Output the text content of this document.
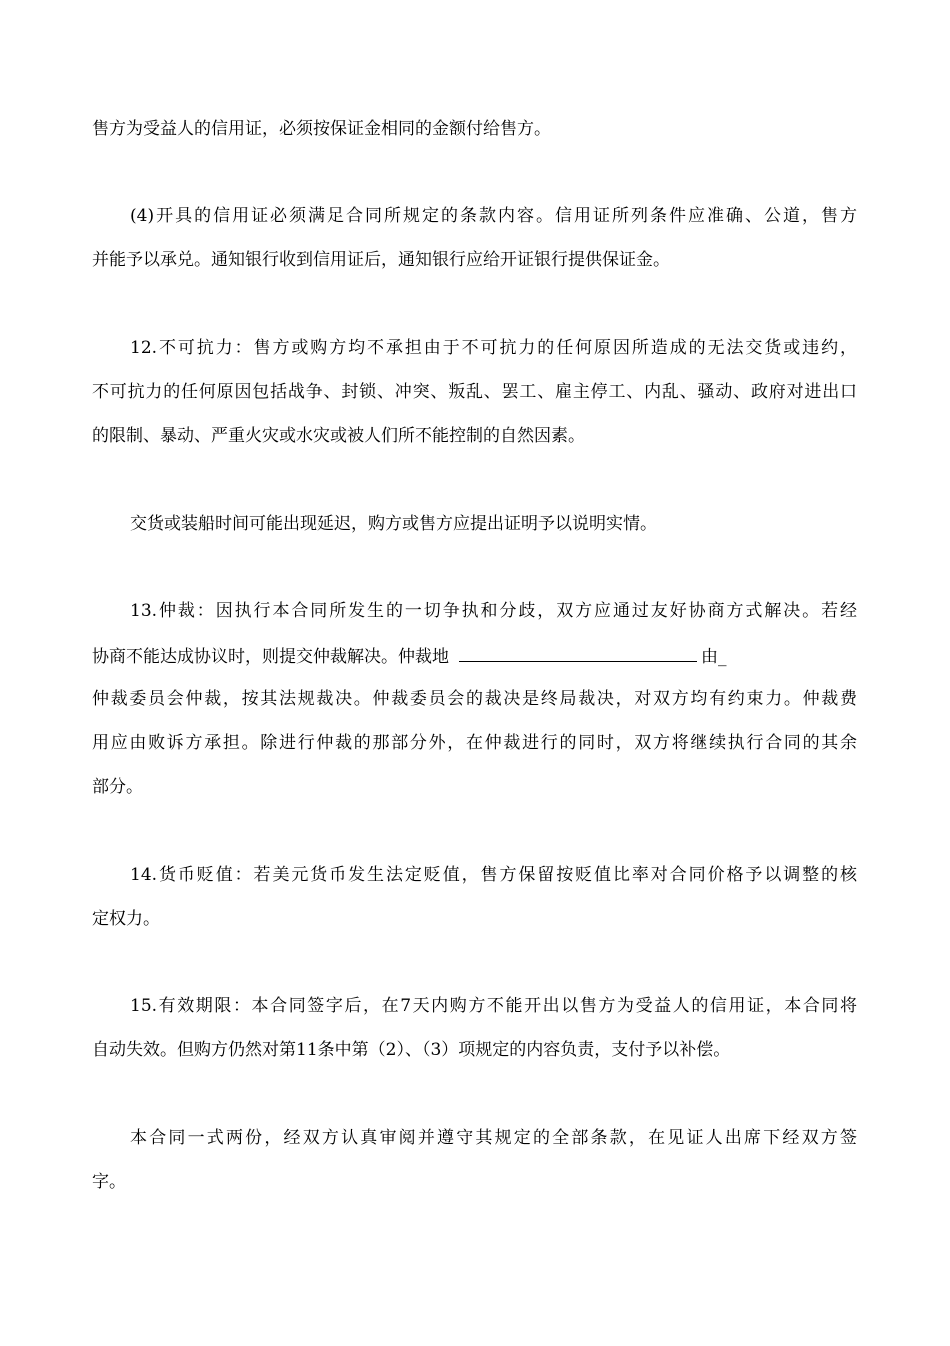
售方为受益人的信用证，必须按保证金相同的金额付给售方。
(4)开具的信用证必须满足合同所规定的条款内容。信用证所列条件应准确、公道，售方
并能予以承兑。通知银行收到信用证后，通知银行应给开证银行提供保证金。
12.不可抗力：售方或购方均不承担由于不可抗力的任何原因所造成的无法交货或违约，
不可抗力的任何原因包括战争、封锁、冲突、叛乱、罢工、雇主停工、内乱、骚动、政府对进出口
的限制、暴动、严重火灾或水灾或被人们所不能控制的自然因素。
交货或装船时间可能出现延迟，购方或售方应提出证明予以说明实情。
13.仲裁：因执行本合同所发生的一切争执和分歧，双方应通过友好协商方式解决。若经
协商不能达成协议时，则提交仲裁解决。仲裁地	由_
仲裁委员会仲裁，按其法规裁决。仲裁委员会的裁决是终局裁决，对双方均有约束力。仲裁费
用应由败诉方承担。除进行仲裁的那部分外，在仲裁进行的同时，双方将继续执行合同的其余
部分。
14.货币贬值：若美元货币发生法定贬值，售方保留按贬值比率对合同价格予以调整的核
定权力。
15.有效期限：本合同签字后，在7天内购方不能开出以售方为受益人的信用证，本合同将
自动失效。但购方仍然对第11条中第（2）、（3）项规定的内容负责，支付予以补偿。
本合同一式两份，经双方认真审阅并遵守其规定的全部条款，在见证人出席下经双方签
字。
